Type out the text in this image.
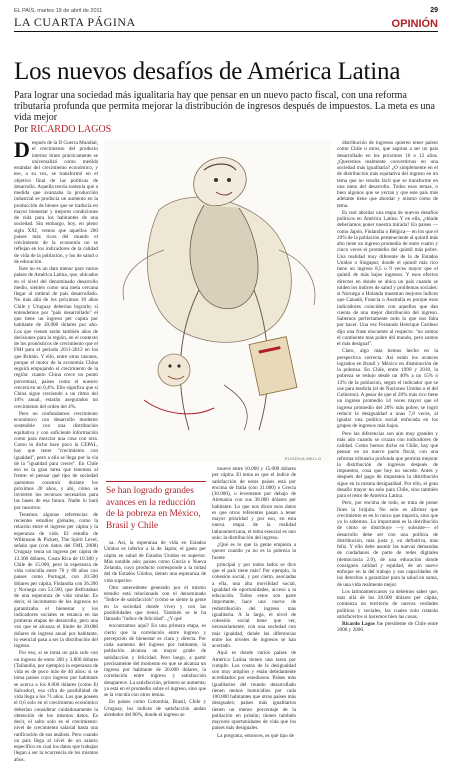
EL PAÍS, martes 19 de abril de 2011	29
LA CUARTA PÁGINA	OPINIÓN
Los nuevos desafíos de América Latina
Para lograr una sociedad más igualitaria hay que pensar en un nuevo pacto fiscal, con una reforma tributaria profunda que permita mejorar la distribución de ingresos después de impuestos. La meta es una vida mejor
Por RICARDO LAGOS
D espués de la II Guerra Mundial, el crecimiento del producto interior bruto prácticamente se universalizó como medida estándar del crecimiento económico, y ese, a su vez, se transformó en el objetivo final de las políticas de desarrollo. Aquella teoría sostenía que a medida que avanzaba la producción industrial se producía un aumento en la producción de bienes que se traducía en mayor bienestar y mejores condiciones de vida para los habitantes de una sociedad. Sin embargo, hoy, en pleno siglo XXI, vemos que aquellos 200 países más ricos del mundo el crecimiento de la economía no se reflejan en los indicadores de la calidad de vida de la población, y los de salud o de educación.

Este no es un dato menor para varios países de América Latina, que, ubicados en el nivel del denominado desarrollo medio, sienten como una meta cercana llegar al umbral de país desarrollado. No más allá de los próximos 10 años Chile y Uruguay deberían lograrlo; si entendemos por "país desarrollado" el que tiene un ingreso per capita por habitante de 20.000 dólares por año. Los que vienen serán también años de decisiones para la región, en el contexto de los pronósticos de crecimiento que el FMI para el periodo 2011-2012 en los que Britain. Y ello, entre otras razones, porque el motor de la economía China seguirá empujando el crecimiento de la región: cuanto China crece un punto porcentual, países como el nuestro crecerá en un 0,4%. Ello significa que si China sigue creciendo a un ritmo del 10% anual, estarán asegurados un crecimiento del orden del 4%.

Pero no confundamos crecimiento económico con desarrollo moderno sostenible con una distribución equitativa y con suficiente información como para mezclar una cosa con otra. Como lo dicho hace poco la CEPAL, hay que tener "crecimiento con igualdad", pero a ella se llega por la vía de la "igualdad para crecer". En Chile eso es la gran tarea que tenemos al frente: el pensar qué tipo de sociedad queremos construir durante los próximos 20 años, y ahí, cómo se invierten los recursos necesarios para las bases de esa futura. Nadie lo hará por nosotros.

Tenemos algunas referencias de recientes estudios globales, como la relación entre el ingreso per cápita y la esperanza de vida. El estudio de Wilkinson & Pickett, The Spirit Level, señala que (con datos del FMI, 2008) Uruguay tenía un ingreso per cápita de 13.300 dólares, Costa Rica de 10.300 y Chile de 15.000, pero la esperanza de vida coincidía entre 76 y 80 años con países como Portugal, con 20.500 dólares per cápita, Finlandia con 36.200 y Noruega con 53.500, que disfrutaban de una esperanza de vida similar. Es decir, el incremento de los ingresos no garantizaba el bienestar y los indicadores sociales se estanca en las primeras etapas de desarrollo; pero una vez que se alcanza el límite de 20.000 dólares de ingreso anual por habitante, lo esencial pasa a ser la distribución del ingreso.

Por eso, si se toma un país solo con un ingreso de entre 300 y 3.800 dólares (Tailandia, por ejemplo) la esperanza de vida es de poco más de 40 años; si se toma países cuyo ingreso por habitante se acerca a los 8.000 dólares (como El Salvador), esa cifra de posibilidad de vida llega a los 71 años. Los que poseen el 0,6 solo en el crecimiento económico deberían considerar cuidadosamente la obtención de los mismos datos. Es decir, el salto solo es el crecimiento: nivel de crecimiento salarial hasta una ratificación de sus análisis. Pero cuando un país llega al nivel de un salario específico en cual los datos que trabajan llegan a ser la ocurrencia de los mismos años.

EUGENIA MELLO
Se han logrado grandes avances en la reducción de la pobreza en México, Brasil y Chile

sa. Así, la esperanza de vida en Estados Unidos es inferior a la de Japón; el gasto per cápita en salud de Estados Unidos es superior. Más notable aún: países como Grecia o Nueva Zelanda, cuyo producto corresponde a la mitad del de Estados Unidos, tienen una esperanza de vida superior.

Otro antecedente generado por el mismo estudio está relacionado con el denominado "Índice de satisfacción" (cómo se siente la gente en la sociedad donde vive) y con las posibilidades que tiene). También se le ha llamado "índice de felicidad". ¿Y qué

encontramos aquí? En una primera etapa, es cierto que la correlación entre ingreso y percepción de bienestar es clara y directa. Por cada aumento del ingreso por habitante, la población alcanza un mayor grado de satisfacción y felicidad. Pero luego, a partir precisamente del momento en que se alcanza un ingreso por habitante de 20.000 dólares, la correlación entre ingreso y satisfacción desaparece. La satisfacción, primero se aumenta; ya está en el promedio sobre el ingreso, sino que se la vincula con otros temas.

En países como Colombia, Brasil, Chile y Uruguay, los índices de satisfacción andan alrededor del 80%, donde el ingreso se

mueve entre 10.000 y 15.000 dólares per cápita. El tema es que el índice de satisfacción de estos países está por encima de Italia (con 31.000) o Grecia (30.000), o levemente por debajo de Alemania con sus 38.000 dólares per habitante. Lo que nos dicen esos datos es que otros referentes pasan a tener mayor prioridad y por eso, en esta nueva etapa de la realidad latinoamericana, el tema esencial es uno solo: la distribución del ingreso.

¿Qué es lo que la gente empieza a querer cuando ya no es la pobreza la fuente

principal y por todos lados se dice que el país tiene más? Por ejemplo, la cohesión social, y por cierto, asociadas a ella, una alta movilidad social, igualdad de oportunidades, acceso a la educación. Todos estos son parte importante, hace una nueva de redistribución del ingreso más igualitaria. A la larga, el nivel de cohesión social tiene que ver, necesariamente, con una sociedad con más igualdad, donde las diferencias entre los niveles de ingresos se han acortado.

Aquí es donde varios países de América Latina tienen una tarea por cumplir. Los costos de la desigualdad son muy amplios y están debidamente acreditados por estudiosos. Países más igualitarios del mundo desarrollado tienen menos homicidios por cada 100.000 habitantes que otros países más desiguales; países más igualitarios tienen un menor porcentaje de la población en prisión; tienen también mayores oportunidades de vida que los países más desiguales.

La pregunta, entonces, es qué tipo de

distribución de ingresos quieren tener países como Chile u otros, que aspiran a ser un país desarrollado en los próximos 10 o 12 años. ¿Queremos realmente convertirnos en una sociedad más igualitaria? ¿O simplemente en el de distribución más equitativa del ingreso en un tema que no resulta fácil que se transforme en una meta del desarrollo. Todos esos temas, o bien algunos que se yerran y que este país más adelante tiene que abordar y mismo como de tema.

Es real abordar una etapa de nuevos desafíos políticos en América Latina. Y en ella, ¿dónde deberíamos poner nuestra mirada? En países —como Japón, Finlandia o Bélgica— en los que el 20% de la población perteneciente al quintil más alto tiene un ingreso promedio de entre cuatro y cinco veces el promedio del quintil más pobre. Una realidad muy diferente de la de Estados Unidos o Singapur, donde el quintil más rico tiene un ingreso 8,5 o 9 veces mayor que el quintil de más bajos ingresos. Y esos efectos directos en donde se ubica un país cuando se miden los índices de salud y problemas sociales: si Noruega u Holanda muestran mejores índices que Canadá, Francia o Australia es porque esos indicadores coinciden con aquellos que dan cuenta de una mejor distribución del ingreso. Sabemos perfectamente todo lo que nos falta por hacer. Una vez Fernando Henrique Cardoso dijo una frase elocuente al respecto: "no somos el continente más pobre del mundo, pero somos el más desigual".

Claro, algo más hemos hecho en la perspectiva correcta. Así están los avances logrados en Brasil y México en disminución de la pobreza. En Chile, entre 1990 y 2010, la pobreza se redujo desde un 40% a un 15% o 13% de la población, según el indicador que se use para medirla (el de Naciones Unidos o el del Gobierno). A pesar de que el 20% más rico tiene un ingreso promedio 14 veces mayor que el ingreso promedio del 20% más pobre; se logró reducir la desigualdad a unas 7,8 veces, al igualar una política social enfocada en los grupos de ingresos más bajos.

Pero las diferencias son aún muy grandes y más aún cuando se cruzan con indicadores de calidad. Como hemos dicho en Chile, hay que pensar en un nuevo pacto fiscal, con una reforma tributaria profunda que permita mejorar la distribución de ingresos después de impuestos, cosa que hoy no sucede. Antes y después del pago de impuestos la distribución sigue en la misma desigualdad. Por ello, el gran desafío mayor no solo para Chile, sino también para el resto de América Latina.

Pero, por encima de todo, se trata de poner fines la brújula. No solo es afirmar que crecimiento es en lo único que importa, sino que yo lo sabemos. Lo importante es la distribución de cómo se distribuye —y subsiste— el desarrollo debe ser con una política de distribución, más justa y, en definitiva, más feliz. Y ello debe asumir las nuevas demandas de ciudadanos de parte de redes digitales (democracia 2.0), de una educación donde consiguen calidad y equidad, de un nuevo enfoque en la del trabajo y sus capacidades de los derechos a garantizar para la salud en suma, de una vida realmente mejor.

Los latinoamericanos ya debemos saber que, más allá de los 20.000 dólares per cápita, comienza un territorio de nuevas verdades políticas y sociales, las cuales solo tratarán satisfacerlos si hacemos bien las cosas.

Ricardo Lagos fue presidente de Chile entre 2000 y 2006.
